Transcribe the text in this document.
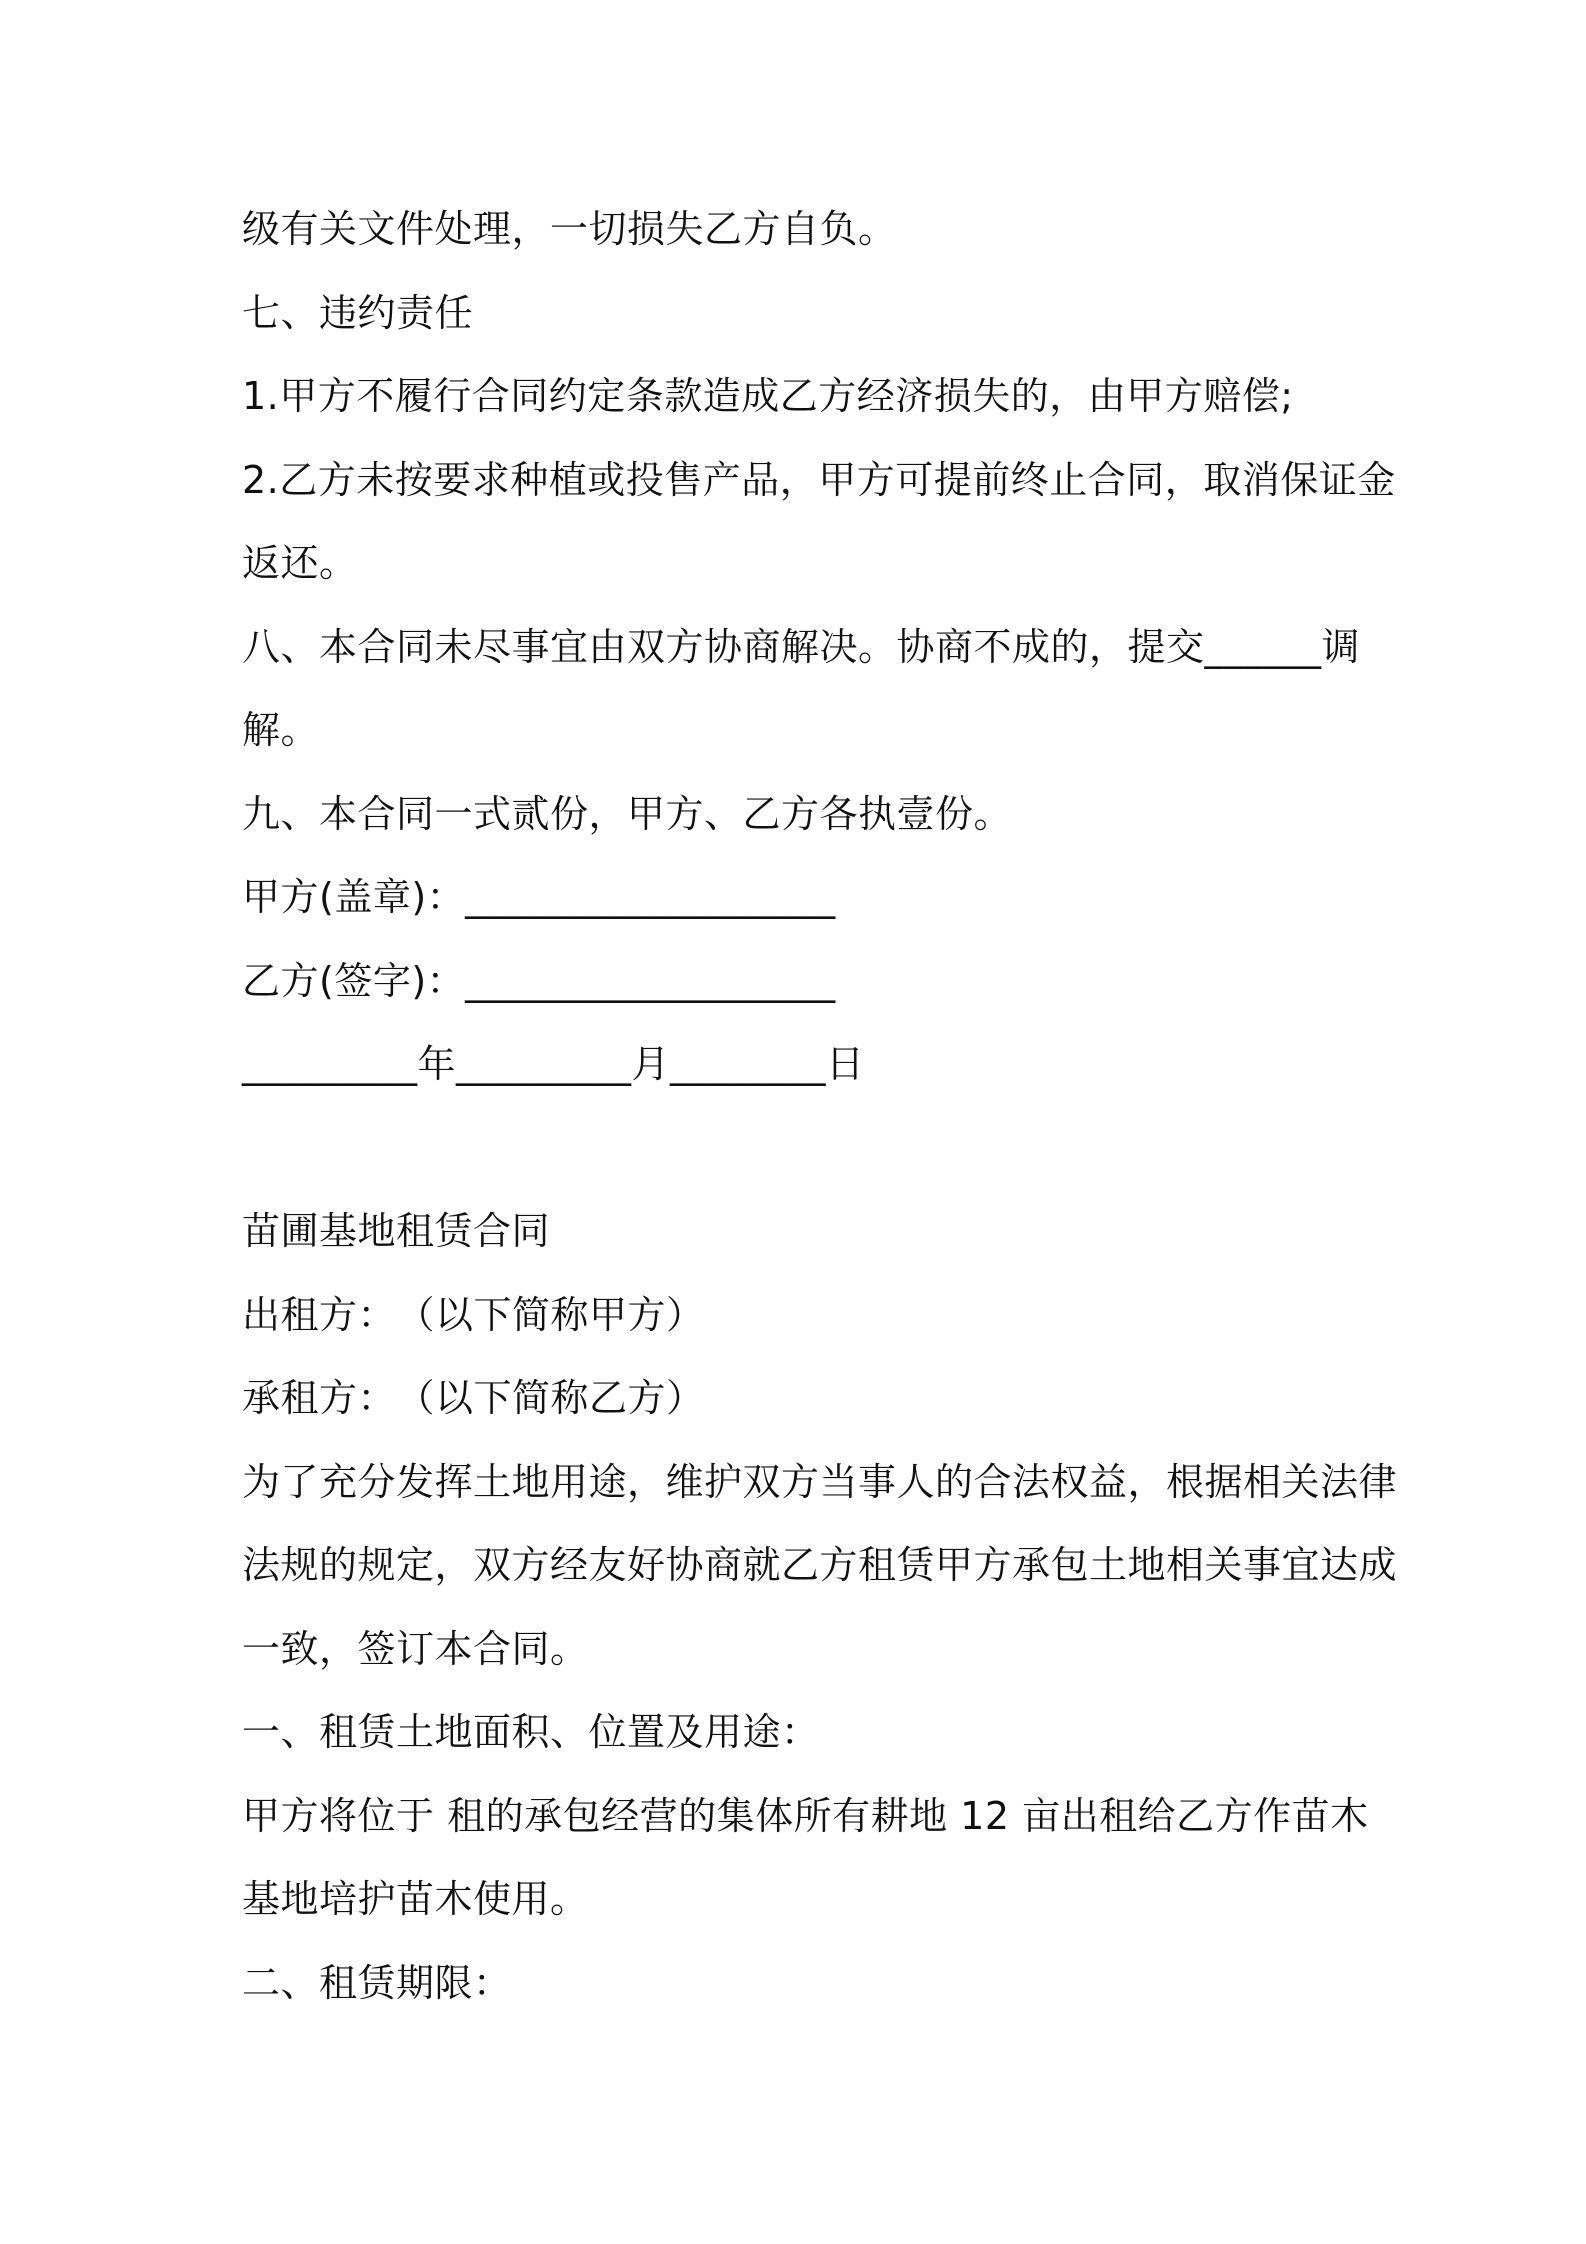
级有关文件处理，一切损失乙方自负。
七、违约责任
1.甲方不履行合同约定条款造成乙方经济损失的，由甲方赔偿;
2.乙方未按要求种植或投售产品，甲方可提前终止合同，取消保证金
返还。
八、本合同未尽事宜由双方协商解决。协商不成的，提交______调
解。
九、本合同一式贰份，甲方、乙方各执壹份。
甲方(盖章)：___________________
乙方(签字)：___________________
_________年_________月________日
苗圃基地租赁合同
出租方：　（以下简称甲方）
承租方：　（以下简称乙方）
为了充分发挥土地用途，维护双方当事人的合法权益，根据相关法律
法规的规定，双方经友好协商就乙方租赁甲方承包土地相关事宜达成
一致，签订本合同。
一、租赁土地面积、位置及用途：
甲方将位于 租的承包经营的集体所有耕地 12 亩出租给乙方作苗木
基地培护苗木使用。
二、租赁期限：
